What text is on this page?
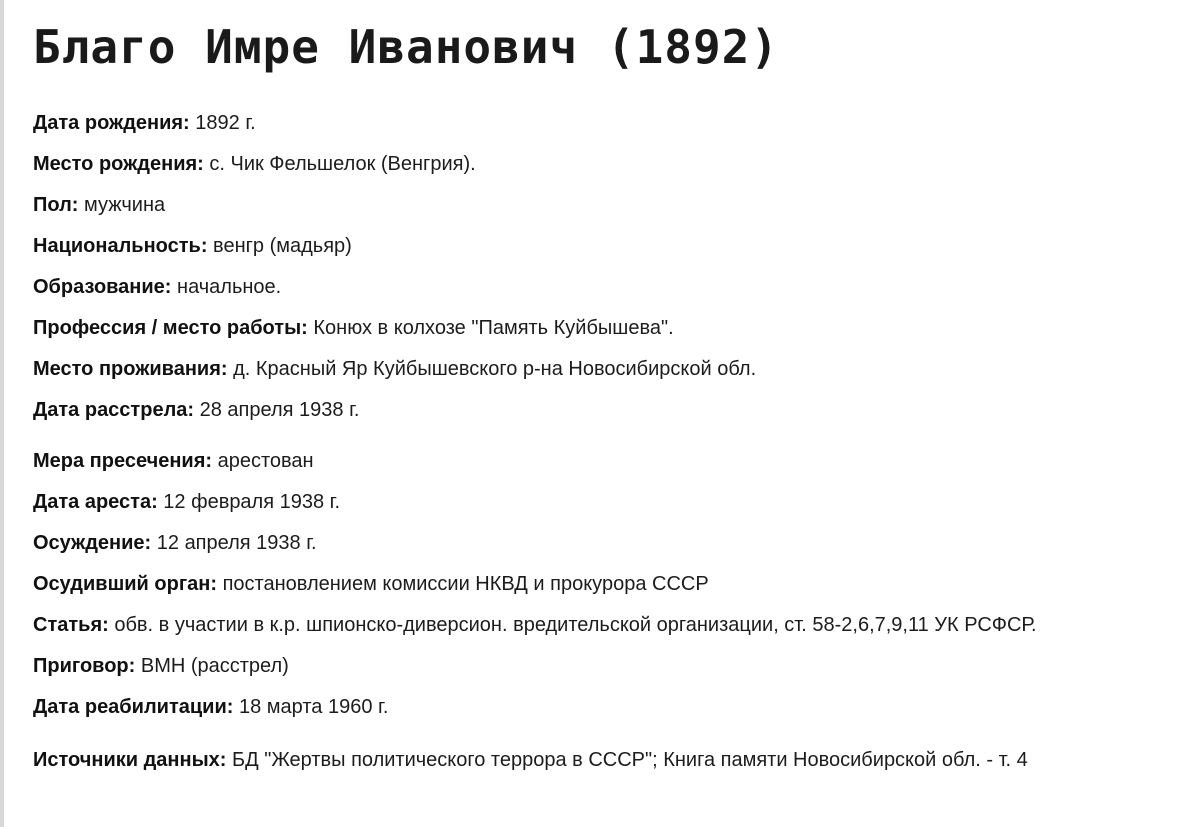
Благо Имре Иванович (1892)
Дата рождения: 1892 г.
Место рождения: с. Чик Фельшелок (Венгрия).
Пол: мужчина
Национальность: венгр (мадьяр)
Образование: начальное.
Профессия / место работы: Конюх в колхозе "Память Куйбышева".
Место проживания: д. Красный Яр Куйбышевского р-на Новосибирской обл.
Дата расстрела: 28 апреля 1938 г.
Мера пресечения: арестован
Дата ареста: 12 февраля 1938 г.
Осуждение: 12 апреля 1938 г.
Осудивший орган: постановлением комиссии НКВД и прокурора СССР
Статья: обв. в участии в к.р. шпионско-диверсион. вредительской организации, ст. 58-2,6,7,9,11 УК РСФСР.
Приговор: ВМН (расстрел)
Дата реабилитации: 18 марта 1960 г.
Источники данных: БД "Жертвы политического террора в СССР"; Книга памяти Новосибирской обл. - т. 4
